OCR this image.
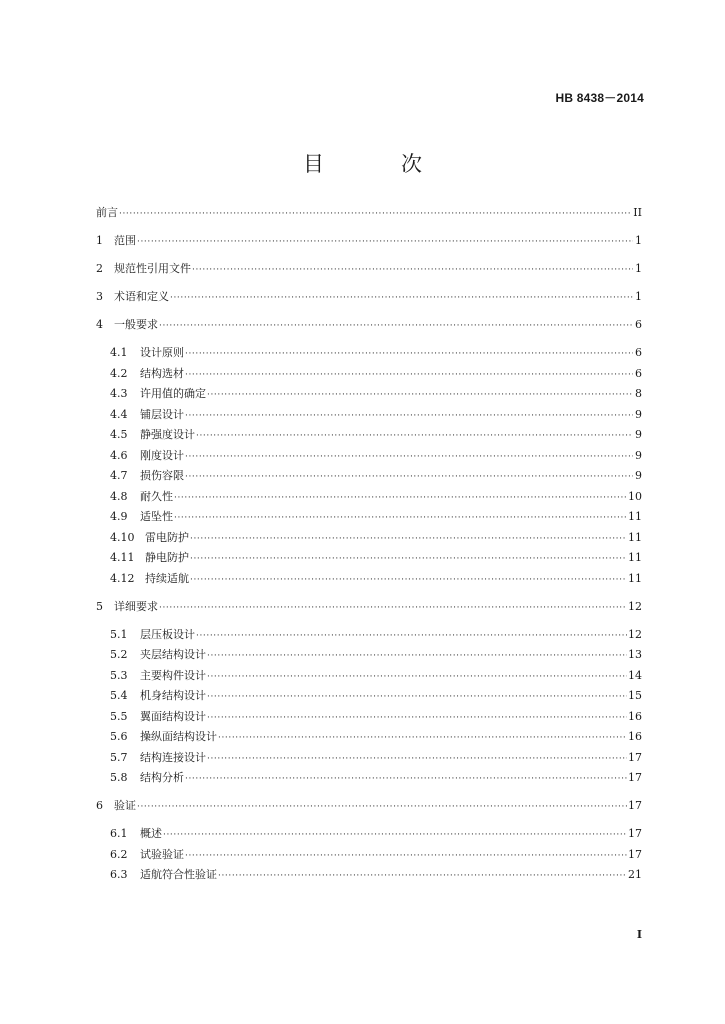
HB 8438－2014
目　次
前言 ·····	II
1	范围 ·····	1
2	规范性引用文件 ·····	1
3	术语和定义 ·····	1
4	一般要求 ·····	6
4.1	设计原则 ·····	6
4.2	结构选材 ·····	6
4.3	许用值的确定 ·····	8
4.4	铺层设计 ·····	9
4.5	静强度设计 ·····	9
4.6	刚度设计 ·····	9
4.7	损伤容限 ·····	9
4.8	耐久性 ·····	10
4.9	适坠性 ·····	11
4.10 雷电防护 ·····	11
4.11 静电防护 ·····	11
4.12 持续适航 ·····	11
5	详细要求 ·····	12
5.1	层压板设计 ·····	12
5.2	夹层结构设计 ·····	13
5.3	主要构件设计 ·····	14
5.4	机身结构设计 ·····	15
5.5	翼面结构设计 ·····	16
5.6	操纵面结构设计 ·····	16
5.7	结构连接设计 ·····	17
5.8	结构分析 ·····	17
6	验证 ·····	17
6.1	概述 ·····	17
6.2	试验验证 ·····	17
6.3	适航符合性验证 ·····	21
I
